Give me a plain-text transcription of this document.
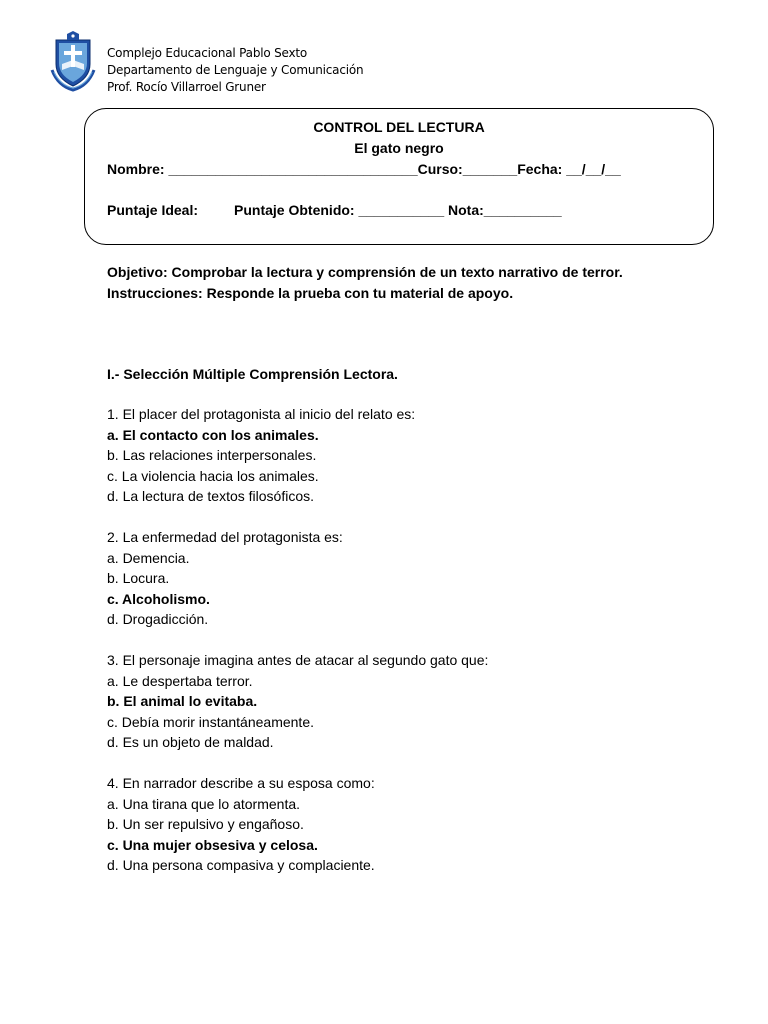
Complejo Educacional Pablo Sexto
Departamento de Lenguaje y Comunicación
Prof. Rocío Villarroel Gruner
CONTROL DEL LECTURA
El gato negro
Nombre: ________________________________Curso:_______Fecha: __/__/__
Puntaje Ideal:	Puntaje Obtenido: ___________ Nota:__________
Objetivo: Comprobar la lectura y comprensión de un texto narrativo de terror.
Instrucciones: Responde la prueba con tu material de apoyo.
I.- Selección Múltiple Comprensión Lectora.
1. El placer del protagonista al inicio del relato es:
a. El contacto con los animales.
b. Las relaciones interpersonales.
c. La violencia hacia los animales.
d. La lectura de textos filosóficos.
2. La enfermedad del protagonista es:
a. Demencia.
b. Locura.
c. Alcoholismo.
d. Drogadicción.
3. El personaje imagina antes de atacar al segundo gato que:
a. Le despertaba terror.
b. El animal lo evitaba.
c. Debía morir instantáneamente.
d. Es un objeto de maldad.
4. En narrador describe a su esposa como:
a. Una tirana que lo atormenta.
b. Un ser repulsivo y engañoso.
c. Una mujer obsesiva y celosa.
d. Una persona compasiva y complaciente.
